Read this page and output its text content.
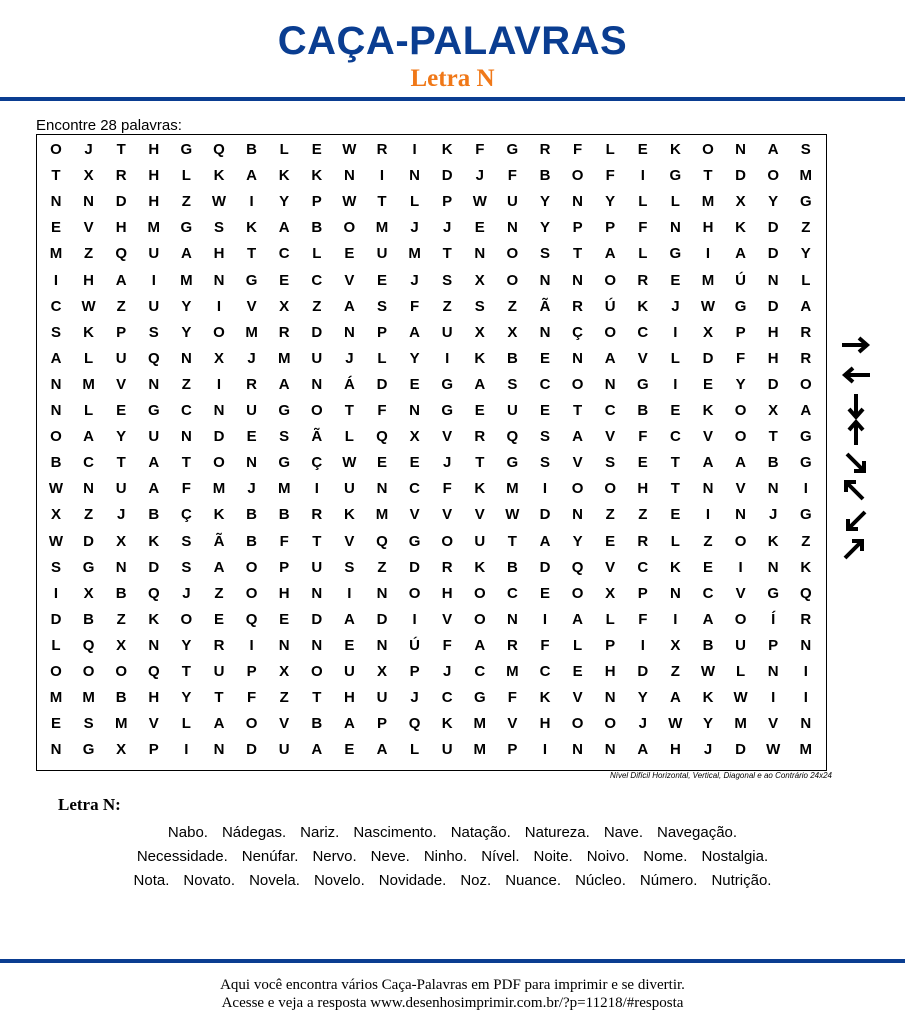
CAÇA-PALAVRAS
Letra N
Encontre 28 palavras:
O	J	T	H	G	Q	B	L	E	W	R	I	K	F	G	R	F	L	E	K	O	N	A	S
T	X	R	H	L	K	A	K	K	N	I	N	D	J	F	B	O	F	I	G	T	D	O	M
N	N	D	H	Z	W	I	Y	P	W	T	L	P	W	U	Y	N	Y	L	L	M	X	Y	G
E	V	H	M	G	S	K	A	B	O	M	J	J	E	N	Y	P	P	F	N	H	K	D	Z
M	Z	Q	U	A	H	T	C	L	E	U	M	T	N	O	S	T	A	L	G	I	A	D	Y
I	H	A	I	M	N	G	E	C	V	E	J	S	X	O	N	N	O	R	E	M	Ú	N	L
C	W	Z	U	Y	I	V	X	Z	A	S	F	Z	S	Z	Ã	R	Ú	K	J	W	G	D	A
S	K	P	S	Y	O	M	R	D	N	P	A	U	X	X	N	Ç	O	C	I	X	P	H	R
A	L	U	Q	N	X	J	M	U	J	L	Y	I	K	B	E	N	A	V	L	D	F	H	R
N	M	V	N	Z	I	R	A	N	Á	D	E	G	A	S	C	O	N	G	I	E	Y	D	O
N	L	E	G	C	N	U	G	O	T	F	N	G	E	U	E	T	C	B	E	K	O	X	A
O	A	Y	U	N	D	E	S	Ã	L	Q	X	V	R	Q	S	A	V	F	C	V	O	T	G
B	C	T	A	T	O	N	G	Ç	W	E	E	J	T	G	S	V	S	E	T	A	A	B	G
W	N	U	A	F	M	J	M	I	U	N	C	F	K	M	I	O	O	H	T	N	V	N	I
X	Z	J	B	Ç	K	B	B	R	K	M	V	V	V	W	D	N	Z	Z	E	I	N	J	G
W	D	X	K	S	Ã	B	F	T	V	Q	G	O	U	T	A	Y	E	R	L	Z	O	K	Z
S	G	N	D	S	A	O	P	U	S	Z	D	R	K	B	D	Q	V	C	K	E	I	N	K
I	X	B	Q	J	Z	O	H	N	I	N	O	H	O	C	E	O	X	P	N	C	V	G	Q
D	B	Z	K	O	E	Q	E	D	A	D	I	V	O	N	I	A	L	F	I	A	O	Í	R
L	Q	X	N	Y	R	I	N	N	E	N	Ú	F	A	R	F	L	P	I	X	B	U	P	N
O	O	O	Q	T	U	P	X	O	U	X	P	J	C	M	C	E	H	D	Z	W	L	N	I
M	M	B	H	Y	T	F	Z	T	H	U	J	C	G	F	K	V	N	Y	A	K	W	I	I
E	S	M	V	L	A	O	V	B	A	P	Q	K	M	V	H	O	O	J	W	Y	M	V	N
N	G	X	P	I	N	D	U	A	E	A	L	U	M	P	I	N	N	A	H	J	D	W	M
Nível Difícil Horizontal, Vertical, Diagonal e ao Contrário 24x24
Letra N:
Nabo. Nádegas. Nariz. Nascimento. Natação. Natureza. Nave. Navegação.
Necessidade. Nenúfar. Nervo. Neve. Ninho. Nível. Noite. Noivo. Nome. Nostalgia.
Nota. Novato. Novela. Novelo. Novidade. Noz. Nuance. Núcleo. Número. Nutrição.
Aqui você encontra vários Caça-Palavras em PDF para imprimir e se divertir.
Acesse e veja a resposta www.desenhosimprimir.com.br/?p=11218/#resposta
